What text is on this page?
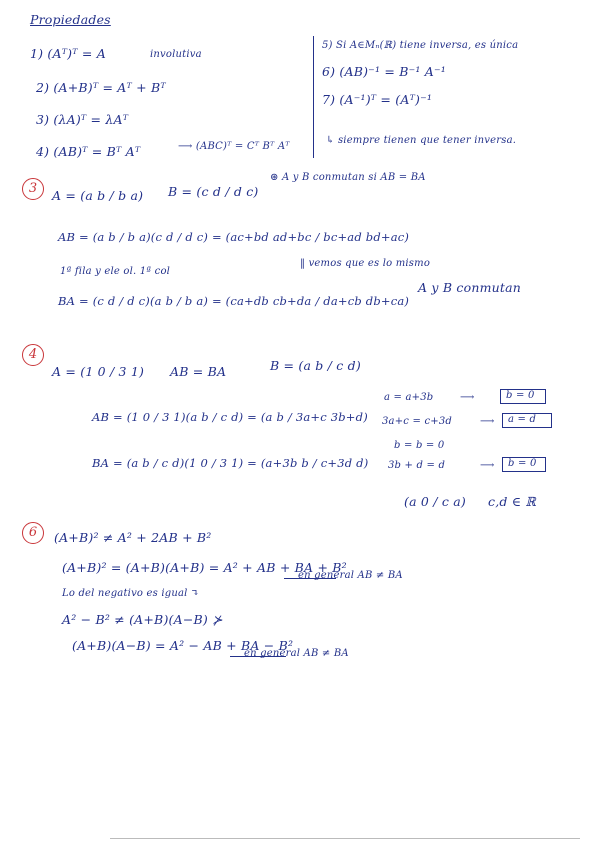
Propiedades
1) (Aᵀ)ᵀ = A	involutiva
2) (A+B)ᵀ = Aᵀ + Bᵀ
3) (λA)ᵀ = λAᵀ
4) (AB)ᵀ = Bᵀ Aᵀ	⟶ (ABC)ᵀ = Cᵀ Bᵀ Aᵀ
5) Si A∈Mₙ(ℝ) tiene inversa, es única
6) (AB)⁻¹ = B⁻¹ A⁻¹
7) (A⁻¹)ᵀ = (Aᵀ)⁻¹
↳ siempre tienen que tener inversa.
3	A = (a b / b a) B = (c d / d c)
⊛ A y B conmutan si AB = BA
AB = (a b / b a)(c d / d c) = (ac+bd ad+bc / bc+ad bd+ac)
1ª fila y ele ol. 1ª col
‖ vemos que es lo mismo
BA = (c d / d c)(a b / b a) = (ca+db cb+da / da+cb db+ca)
A y B conmutan
4
A = (1 0 / 3 1) AB = BA	B = (a b / c d)
AB = (1 0 / 3 1)(a b / c d) = (a b / 3a+c 3b+d)
BA = (a b / c d)(1 0 / 3 1) = (a+3b b / c+3d d)
a = a+3b	⟶	b = 0
3a+c = c+3d	⟶ a = d
b = b = 0
3b + d = d	⟶ b = 0
(a 0 / c a) c,d ∈ ℝ
6	(A+B)² ≠ A² + 2AB + B²
(A+B)² = (A+B)(A+B) = A² + AB + BA + B²
en general AB ≠ BA
Lo del negativo es igual ↴
A² − B² ≠ (A+B)(A−B) ⊁
(A+B)(A−B) = A² − AB + BA − B²
en general AB ≠ BA
